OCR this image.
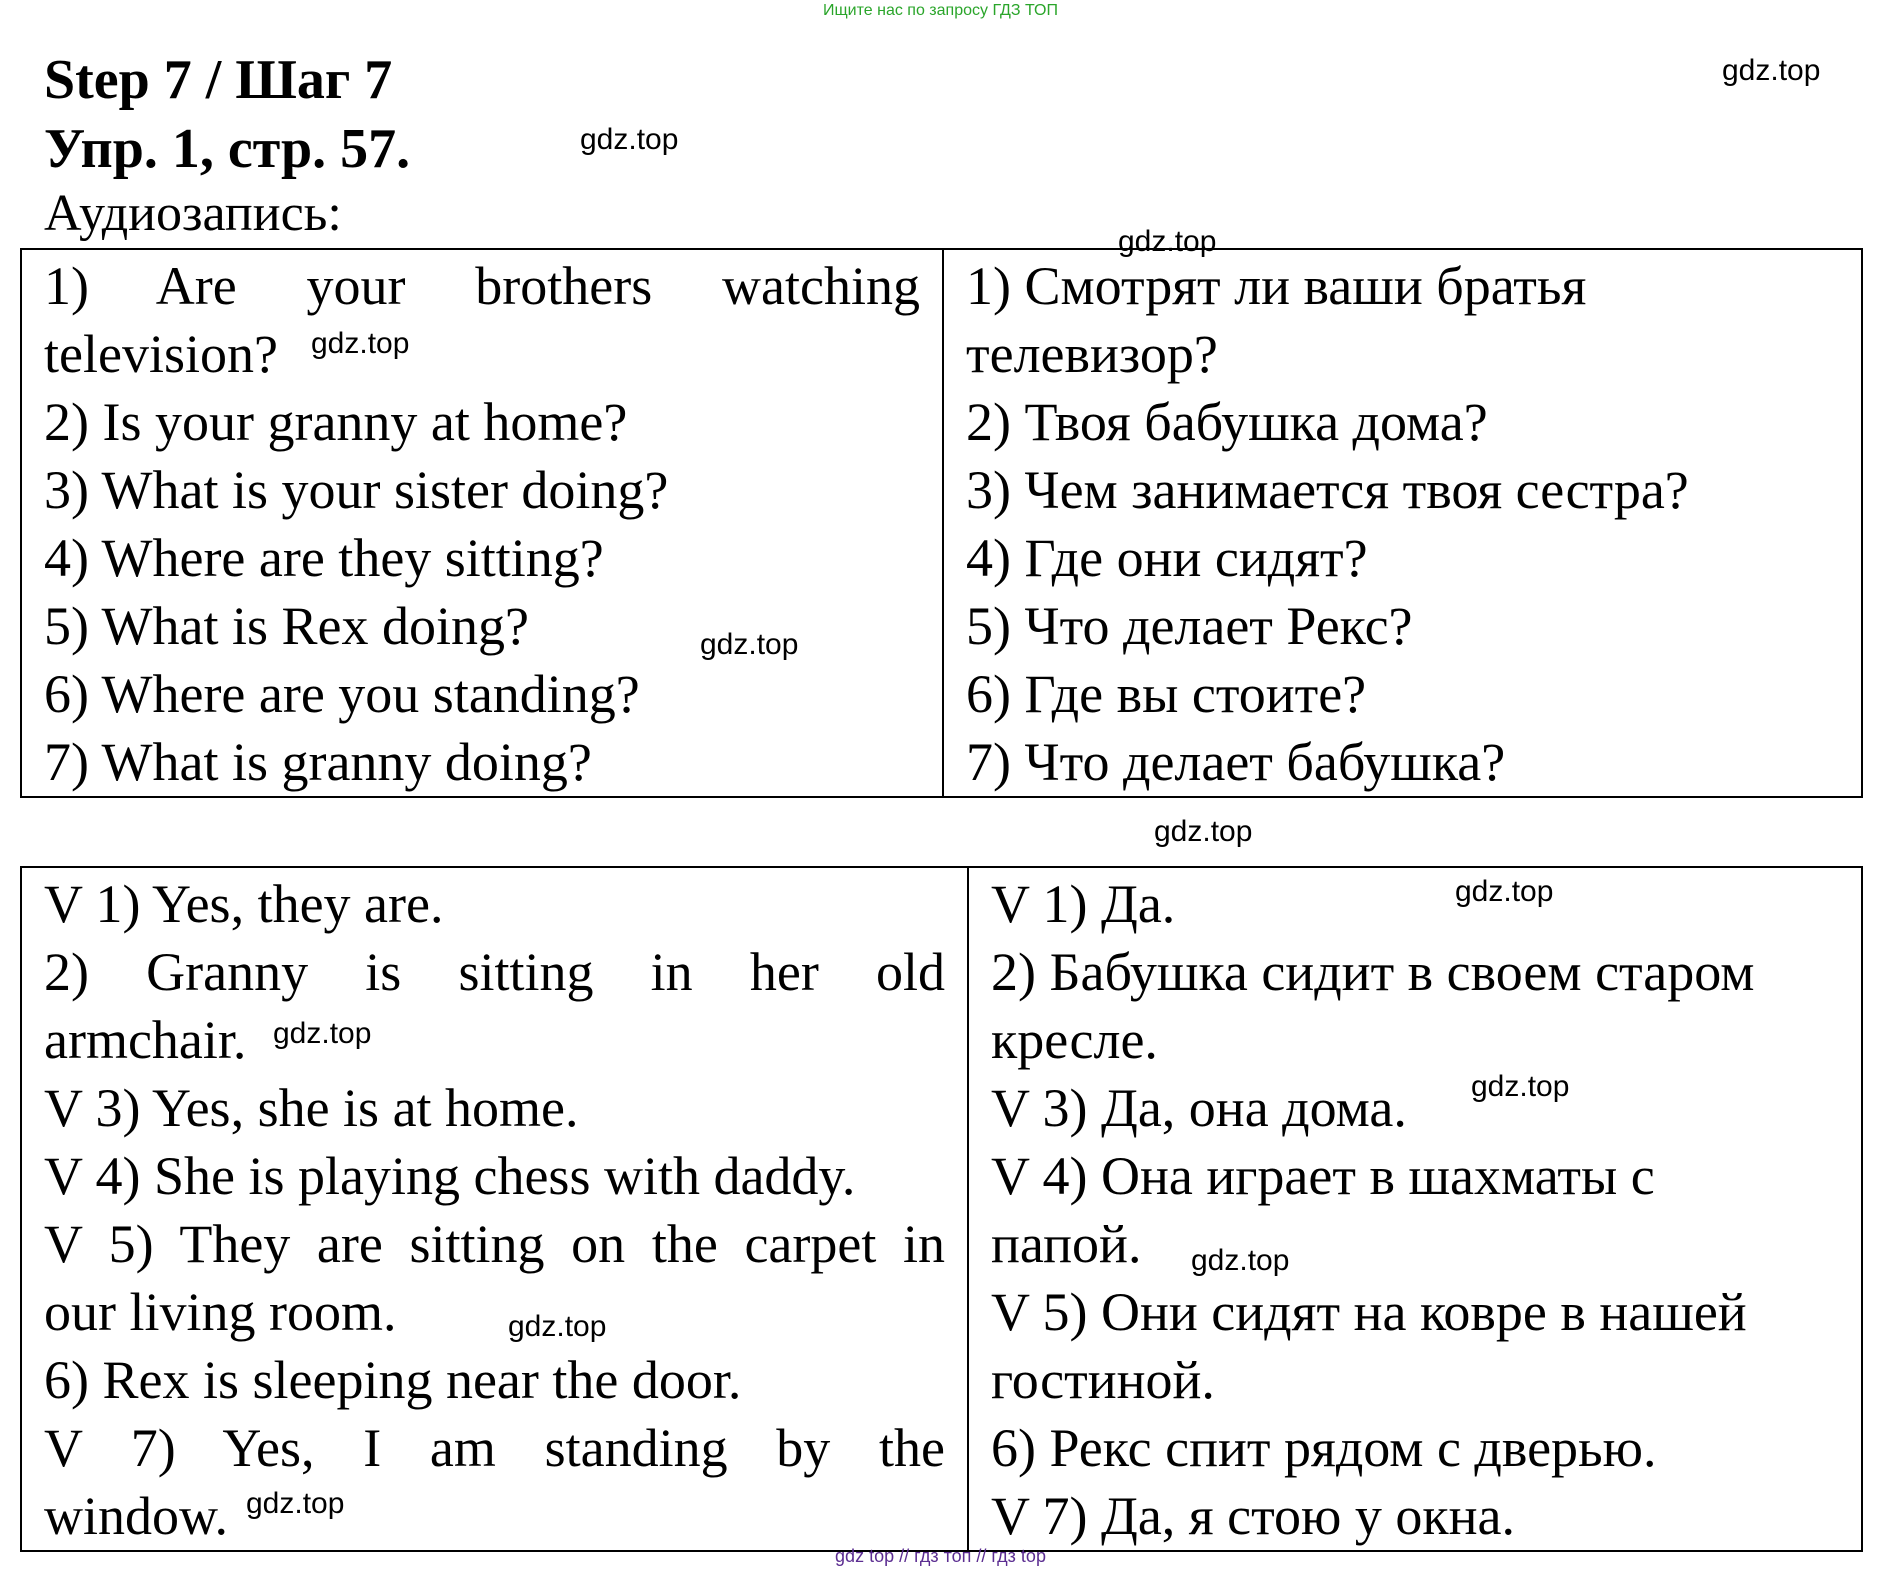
Ищите нас по запросу ГДЗ ТОП
Step 7 / Шаг 7
Упр. 1, стр. 57.
Аудиозапись:
gdz.top
gdz.top
gdz.top
gdz.top
gdz.top
gdz.top
gdz.top
gdz.top
gdz.top
gdz.top
gdz.top
gdz.top
1) Are your brothers watching
television?
2) Is your granny at home?
3) What is your sister doing?
4) Where are they sitting?
5) What is Rex doing?
6) Where are you standing?
7) What is granny doing?

1) Смотрят ли ваши братья
телевизор?
2) Твоя бабушка дома?
3) Чем занимается твоя сестра?
4) Где они сидят?
5) Что делает Рекс?
6) Где вы стоите?
7) Что делает бабушка?
V 1) Yes, they are.
2) Granny is sitting in her old
armchair.
V 3) Yes, she is at home.
V 4) She is playing chess with daddy.
V 5) They are sitting on the carpet in
our living room.
6) Rex is sleeping near the door.
V 7) Yes, I am standing by the
window.

V 1) Да.
2) Бабушка сидит в своем старом
кресле.
V 3) Да, она дома.
V 4) Она играет в шахматы с
папой.
V 5) Они сидят на ковре в нашей
гостиной.
6) Рекс спит рядом с дверью.
V 7) Да, я стою у окна.
gdz top // гдз топ // гдз top
